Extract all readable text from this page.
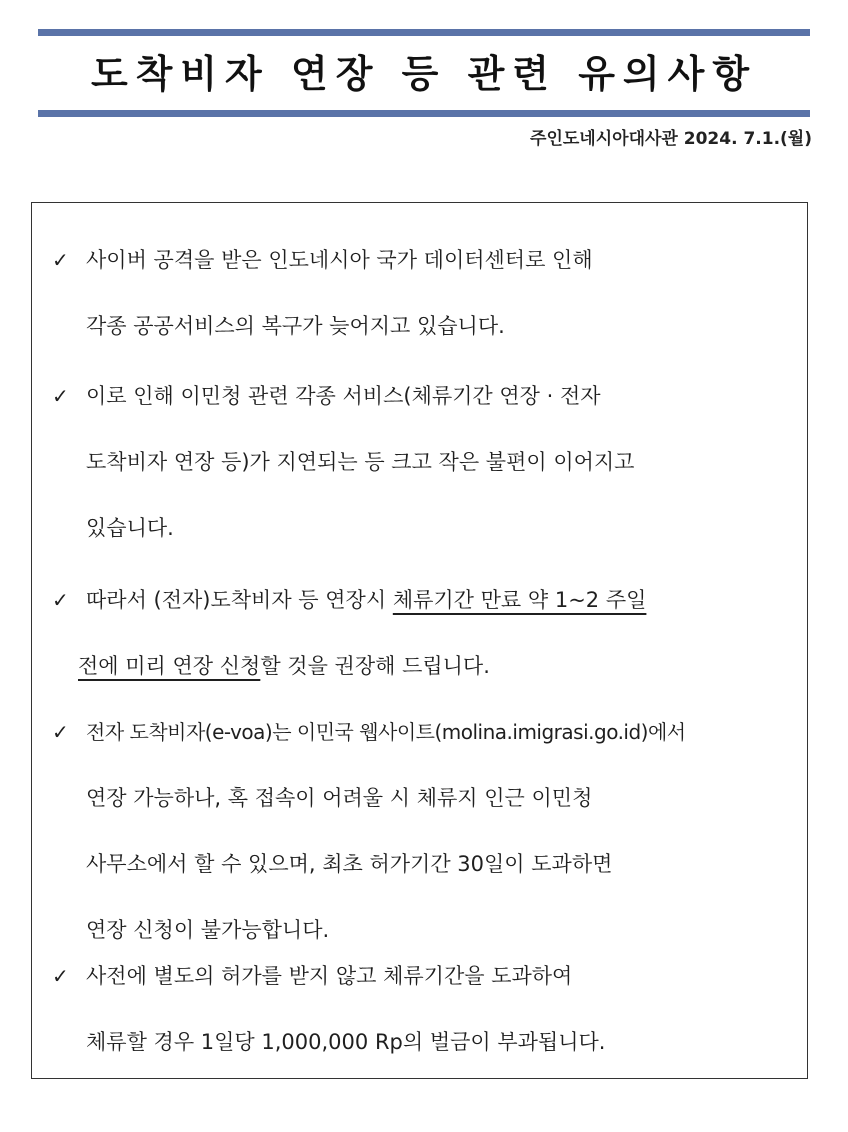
도착비자 연장 등 관련 유의사항
주인도네시아대사관 2024. 7.1.(월)
✓ 사이버 공격을 받은 인도네시아 국가 데이터센터로 인해
각종 공공서비스의 복구가 늦어지고 있습니다.
✓ 이로 인해 이민청 관련 각종 서비스(체류기간 연장 · 전자
도착비자 연장 등)가 지연되는 등 크고 작은 불편이 이어지고
있습니다.
✓ 따라서 (전자)도착비자 등 연장시 체류기간 만료 약 1~2 주일
전에 미리 연장 신청할 것을 권장해 드립니다.
✓ 전자 도착비자(e-voa)는 이민국 웹사이트(molina.imigrasi.go.id)에서
연장 가능하나, 혹 접속이 어려울 시 체류지 인근 이민청
사무소에서 할 수 있으며, 최초 허가기간 30일이 도과하면
연장 신청이 불가능합니다.
✓ 사전에 별도의 허가를 받지 않고 체류기간을 도과하여
체류할 경우 1일당 1,000,000 Rp의 벌금이 부과됩니다.
